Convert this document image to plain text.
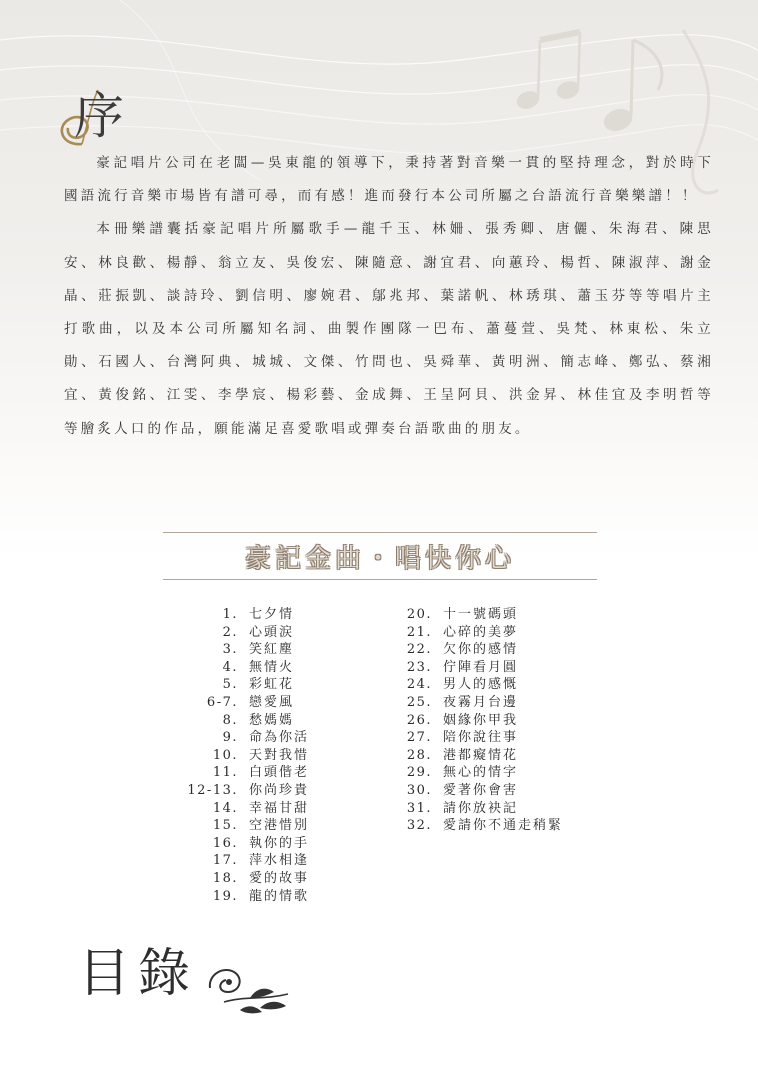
序

豪記唱片公司在老闆—吳東龍的領導下，秉持著對音樂一貫的堅持理念，對於時下國語流行音樂市場皆有譜可尋，而有感！進而發行本公司所屬之台語流行音樂樂譜！！

本冊樂譜囊括豪記唱片所屬歌手—龍千玉、林姍、張秀卿、唐儷、朱海君、陳思安、林良歡、楊靜、翁立友、吳俊宏、陳隨意、謝宜君、向蕙玲、楊哲、陳淑萍、謝金晶、莊振凱、談詩玲、劉信明、廖婉君、鄔兆邦、葉諾帆、林琇琪、蕭玉芬等等唱片主打歌曲，以及本公司所屬知名詞、曲製作團隊一巴布、蕭蔓萱、吳梵、林東松、朱立勛、石國人、台灣阿典、城城、文傑、竹問也、吳舜華、黃明洲、簡志峰、鄭弘、蔡湘宜、黃俊銘、江雯、李學宸、楊彩藝、金成舞、王呈阿貝、洪金昇、林佳宜及李明哲等等膾炙人口的作品，願能滿足喜愛歌唱或彈奏台語歌曲的朋友。

豪記金曲・唱快你心
1. 七夕情
2. 心頭涙
3. 笑紅塵
4. 無情火
5. 彩虹花
6-7. 戀愛風
8. 愁媽媽
9. 命為你活
10. 天對我惜
11. 白頭偕老
12-13. 你尚珍貴
14. 幸福甘甜
15. 空港惜別
16. 執你的手
17. 萍水相逢
18. 愛的故事
19. 龍的情歌
20. 十一號碼頭
21. 心碎的美夢
22. 欠你的感情
23. 佇陣看月圓
24. 男人的感慨
25. 夜霧月台邊
26. 姻緣你甲我
27. 陪你說往事
28. 港都癡情花
29. 無心的情字
30. 愛著你會害
31. 請你放袂記
32. 愛請你不通走稍緊
目錄
